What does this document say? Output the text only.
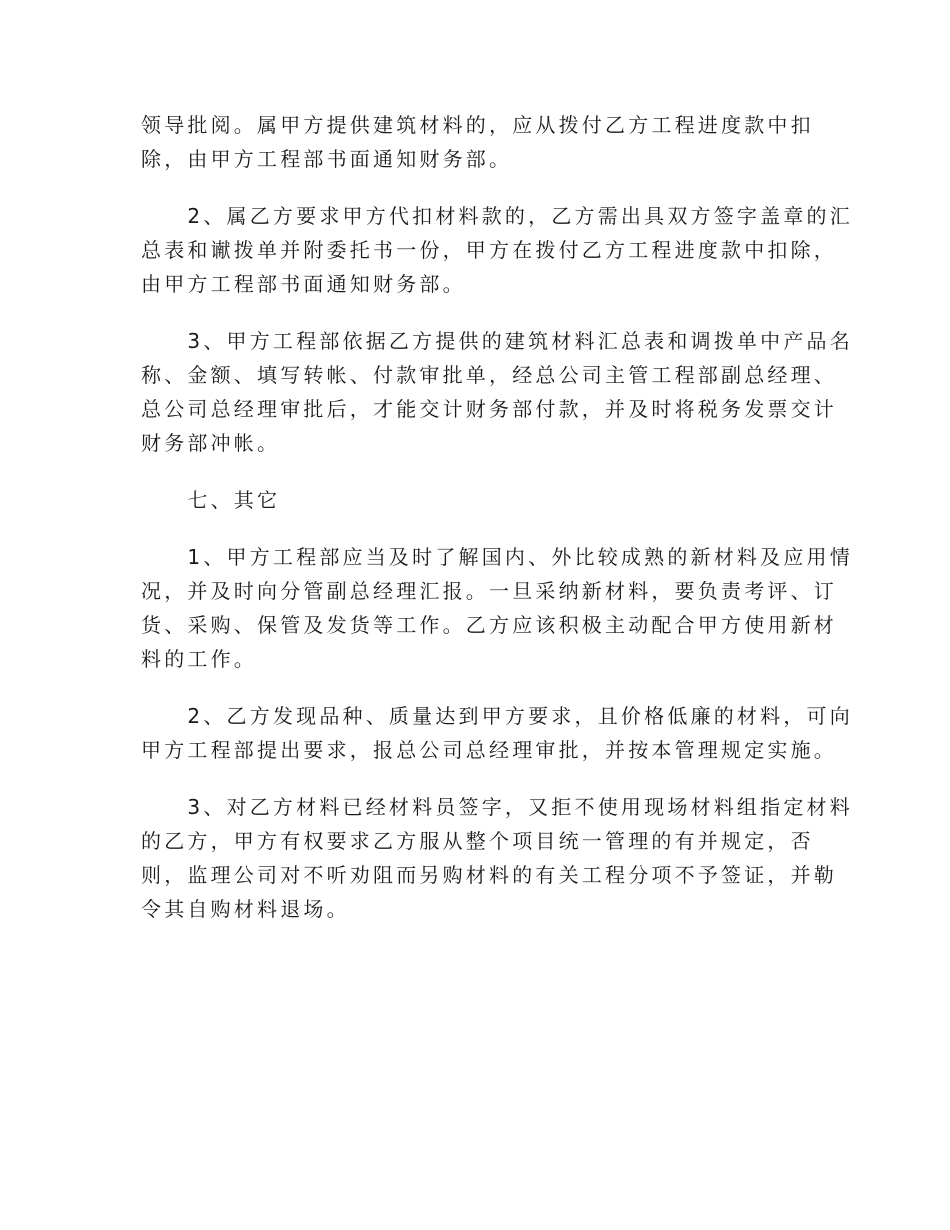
领导批阅。属甲方提供建筑材料的，应从拨付乙方工程进度款中扣
除，由甲方工程部书面通知财务部。
　　2、属乙方要求甲方代扣材料款的，乙方需出具双方签字盖章的汇
总表和谳拨单并附委托书一份，甲方在拨付乙方工程进度款中扣除，
由甲方工程部书面通知财务部。
　　3、甲方工程部依据乙方提供的建筑材料汇总表和调拨单中产品名
称、金额、填写转帐、付款审批单，经总公司主管工程部副总经理、
总公司总经理审批后，才能交计财务部付款，并及时将税务发票交计
财务部冲帐。
　　七、其它
　　1、甲方工程部应当及时了解国内、外比较成熟的新材料及应用情
况，并及时向分管副总经理汇报。一旦采纳新材料，要负责考评、订
货、采购、保管及发货等工作。乙方应该积极主动配合甲方使用新材
料的工作。
　　2、乙方发现品种、质量达到甲方要求，且价格低廉的材料，可向
甲方工程部提出要求，报总公司总经理审批，并按本管理规定实施。
　　3、对乙方材料已经材料员签字，又拒不使用现场材料组指定材料
的乙方，甲方有权要求乙方服从整个项目统一管理的有并规定，否
则，监理公司对不听劝阻而另购材料的有关工程分项不予签证，并勒
令其自购材料退场。
